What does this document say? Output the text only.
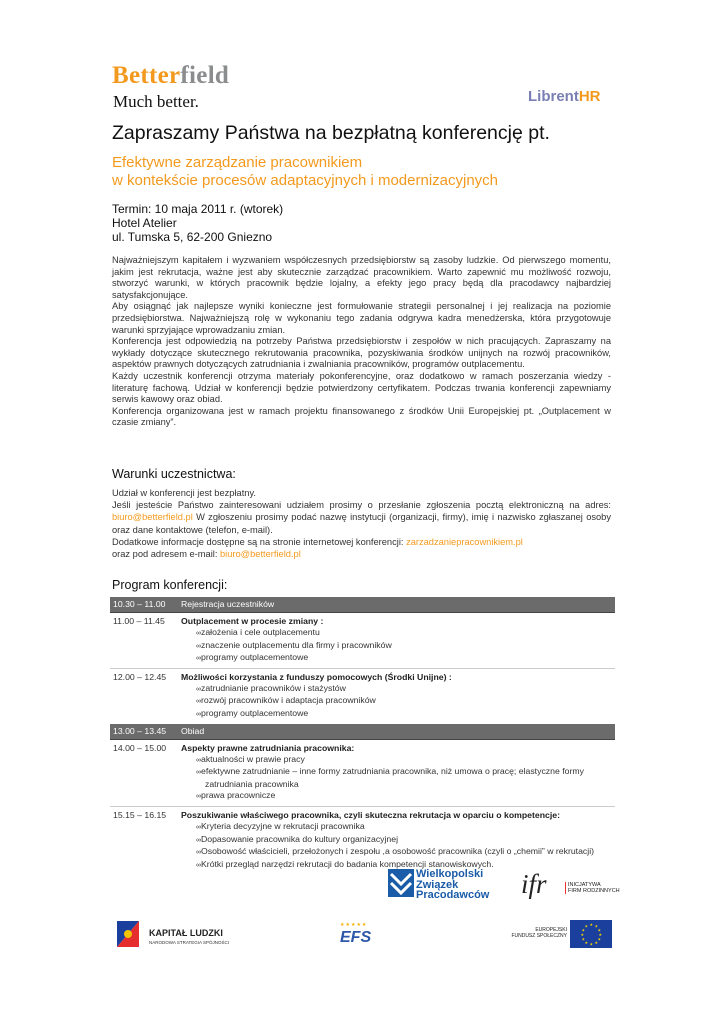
Betterfield
Much better.	LibrentHR
Zapraszamy Państwa na bezpłatną konferencję pt.
Efektywne zarządzanie pracownikiem
w kontekście procesów adaptacyjnych i modernizacyjnych
Termin: 10 maja 2011 r. (wtorek)
Hotel Atelier
ul. Tumska 5, 62-200 Gniezno

Najważniejszym kapitałem i wyzwaniem współczesnych przedsiębiorstw są zasoby ludzkie. Od pierwszego momentu, jakim jest rekrutacja, ważne jest aby skutecznie zarządzać pracownikiem. Warto zapewnić mu możliwość rozwoju, stworzyć warunki, w których pracownik będzie lojalny, a efekty jego pracy będą dla pracodawcy najbardziej satysfakcjonujące.

Aby osiągnąć jak najlepsze wyniki konieczne jest formułowanie strategii personalnej i jej realizacja na poziomie przedsiębiorstwa. Najważniejszą rolę w wykonaniu tego zadania odgrywa kadra menedżerska, która przygotowuje warunki sprzyjające wprowadzaniu zmian.

Konferencja jest odpowiedzią na potrzeby Państwa przedsiębiorstw i zespołów w nich pracujących. Zapraszamy na wykłady dotyczące skutecznego rekrutowania pracownika, pozyskiwania środków unijnych na rozwój pracowników, aspektów prawnych dotyczących zatrudniania i zwalniania pracowników, programów outplacementu.

Każdy uczestnik konferencji otrzyma materiały pokonferencyjne, oraz dodatkowo w ramach poszerzania wiedzy - literaturę fachową. Udział w konferencji będzie potwierdzony certyfikatem. Podczas trwania konferencji zapewniamy serwis kawowy oraz obiad.

Konferencja organizowana jest w ramach projektu finansowanego z środków Unii Europejskiej pt. „Outplacement w czasie zmiany”.

Warunki uczestnictwa:

Udział w konferencji jest bezpłatny.

Jeśli jesteście Państwo zainteresowani udziałem prosimy o przesłanie zgłoszenia pocztą elektroniczną na adres: biuro@betterfield.pl W zgłoszeniu prosimy podać nazwę instytucji (organizacji, firmy), imię i nazwisko zgłaszanej osoby oraz dane kontaktowe (telefon, e-mail).

Dodatkowe informacje dostępne są na stronie internetowej konferencji: zarzadzaniepracownikiem.pl

oraz pod adresem e-mail: biuro@betterfield.pl

Program konferencji:
10.30 – 11.00	Rejestracja uczestników
11.00 – 11.45	Outplacement w procesie zmiany :
∞ założenia i cele outplacementu
∞ znaczenie outplacementu dla firmy i pracowników
∞ programy outplacementowe
12.00 – 12.45	Możliwości korzystania z funduszy pomocowych (Środki Unijne) :
∞ zatrudnianie pracowników i stażystów
∞ rozwój pracowników i adaptacja pracowników
∞ programy outplacementowe
13.00 – 13.45	Obiad
14.00 – 15.00	Aspekty prawne zatrudniania pracownika:
∞ aktualności w prawie pracy
∞ efektywne zatrudnianie – inne formy zatrudniania pracownika, niż umowa o pracę; elastyczne formy zatrudniania pracownika
∞ prawa pracownicze
15.15 – 16.15	Poszukiwanie właściwego pracownika, czyli skuteczna rekrutacja w oparciu o kompetencje:
∞ Kryteria decyzyjne w rekrutacji pracownika
∞ Dopasowanie pracownika do kultury organizacyjnej
∞ Osobowość właścicieli, przełożonych i zespołu ,a osobowość pracownika (czyli o „chemii” w rekrutacji)
∞ Krótki przegląd narzędzi rekrutacji do badania kompetencji stanowiskowych.
Wielkopolski
Związek
Pracodawców ifr	INICJATYWA
FIRM RODZINNYCH
KAPITAŁ LUDZKI
NARODOWA STRATEGIA SPÓJNOŚCI
★★★★★
EFS	EUROPEJSKI
FUNDUSZ SPOŁECZNY
★ ★
★
★
★
★
★
★
★
★
★
★
